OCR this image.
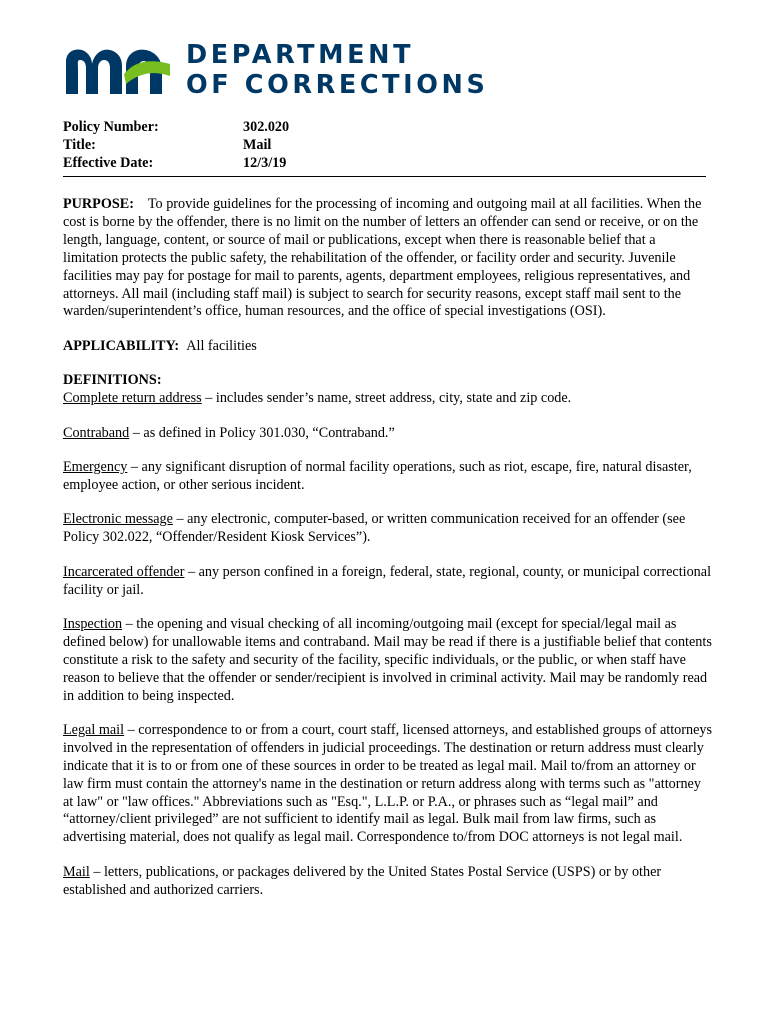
DEPARTMENT
OF CORRECTIONS
Policy Number:	302.020
Title:	Mail
Effective Date:	12/3/19

PURPOSE: To provide guidelines for the processing of incoming and outgoing mail at all facilities. When the cost is borne by the offender, there is no limit on the number of letters an offender can send or receive, or on the length, language, content, or source of mail or publications, except when there is reasonable belief that a limitation protects the public safety, the rehabilitation of the offender, or facility order and security. Juvenile facilities may pay for postage for mail to parents, agents, department employees, religious representatives, and attorneys. All mail (including staff mail) is subject to search for security reasons, except staff mail sent to the warden/superintendent’s office, human resources, and the office of special investigations (OSI).

APPLICABILITY: All facilities

DEFINITIONS:
Complete return address – includes sender’s name, street address, city, state and zip code.

Contraband – as defined in Policy 301.030, “Contraband.”

Emergency – any significant disruption of normal facility operations, such as riot, escape, fire, natural disaster, employee action, or other serious incident.

Electronic message – any electronic, computer-based, or written communication received for an offender (see Policy 302.022, “Offender/Resident Kiosk Services”).

Incarcerated offender – any person confined in a foreign, federal, state, regional, county, or municipal correctional facility or jail.

Inspection – the opening and visual checking of all incoming/outgoing mail (except for special/legal mail as defined below) for unallowable items and contraband. Mail may be read if there is a justifiable belief that contents constitute a risk to the safety and security of the facility, specific individuals, or the public, or when staff have reason to believe that the offender or sender/recipient is involved in criminal activity. Mail may be randomly read in addition to being inspected.

Legal mail – correspondence to or from a court, court staff, licensed attorneys, and established groups of attorneys involved in the representation of offenders in judicial proceedings. The destination or return address must clearly indicate that it is to or from one of these sources in order to be treated as legal mail. Mail to/from an attorney or law firm must contain the attorney's name in the destination or return address along with terms such as "attorney at law" or "law offices." Abbreviations such as "Esq.", L.L.P. or P.A., or phrases such as “legal mail” and “attorney/client privileged” are not sufficient to identify mail as legal. Bulk mail from law firms, such as advertising material, does not qualify as legal mail. Correspondence to/from DOC attorneys is not legal mail.

Mail – letters, publications, or packages delivered by the United States Postal Service (USPS) or by other established and authorized carriers.
